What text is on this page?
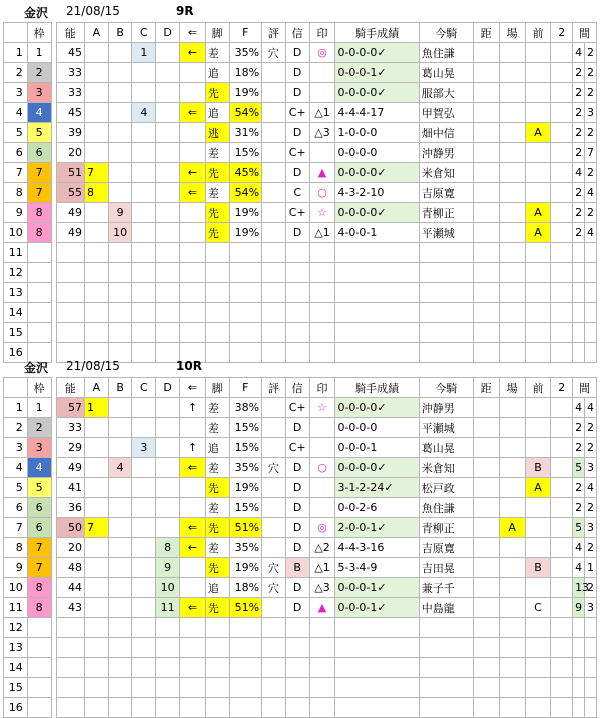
金沢 21/08/15	9R
	枠		能	A	B	C	D	⇐	脚	F	評	信	印	騎手成績	今騎	距	場	前	2	間	
1	1		45			1		←	差	35%	穴	D	◎	0-0-0-0✓	魚住謙					4	2
2	2		33						追	18%		D		0-0-0-1✓	葛山晃					2	2
3	3		33						先	19%		D		0-0-0-0✓	服部大					2	2
4	4		45			4		⇐	追	54%		C+	△1	4-4-4-17	甲賀弘					2	3
5	5		39						逃	31%		D	△3	1-0-0-0	畑中信			A		2	2
6	6		20						差	15%		C+		0-0-0-0	沖静男					2	7
7	7		51	7				←	先	45%		D	▲	0-0-0-0✓	米倉知					4	2
8	7		55	8				⇐	差	54%		C	○	4-3-2-10	吉原寛					2	4
9	8		49		9				先	19%		C+	☆	0-0-0-0✓	青柳正			A		2	2
10	8		49		10				先	19%		D	△1	4-0-0-1	平瀬城			A		2	4
11																					
12																					
13																					
14																					
15																					
16																					
金沢 21/08/15	10R
	枠		能	A	B	C	D	⇐	脚	F	評	信	印	騎手成績	今騎	距	場	前	2	間	
1	1		57	1				↑	差	38%		C+	☆	0-0-0-0✓	沖静男					4	4
2	2		33						差	15%		D		0-0-0-0	平瀬城					2	2
3	3		29			3		↑	追	15%		C+		0-0-0-1	葛山晃					2	2
4	4		49		4			⇐	差	35%	穴	D	○	0-0-0-0✓	米倉知			B		5	3
5	5		41						先	19%		D		3-1-2-24✓	松戸政			A		2	4
6	6		36						差	15%		D		0-0-2-6	魚住謙					2	2
7	6		50	7				⇐	先	51%		D	◎	2-0-0-1✓	青柳正		A			5	3
8	7		20				8	←	差	35%		D	△2	4-4-3-16	吉原寛					4	2
9	7		48				9		先	19%	穴	B	△1	5-3-4-9	吉田晃			B		4	1
10	8		44				10		追	18%	穴	D	△3	0-0-0-1✓	兼子千					13	2
11	8		43				11	⇐	先	51%		D	▲	0-0-0-1✓	中島龍			C		9	3
12																					
13																					
14																					
15																					
16																					
